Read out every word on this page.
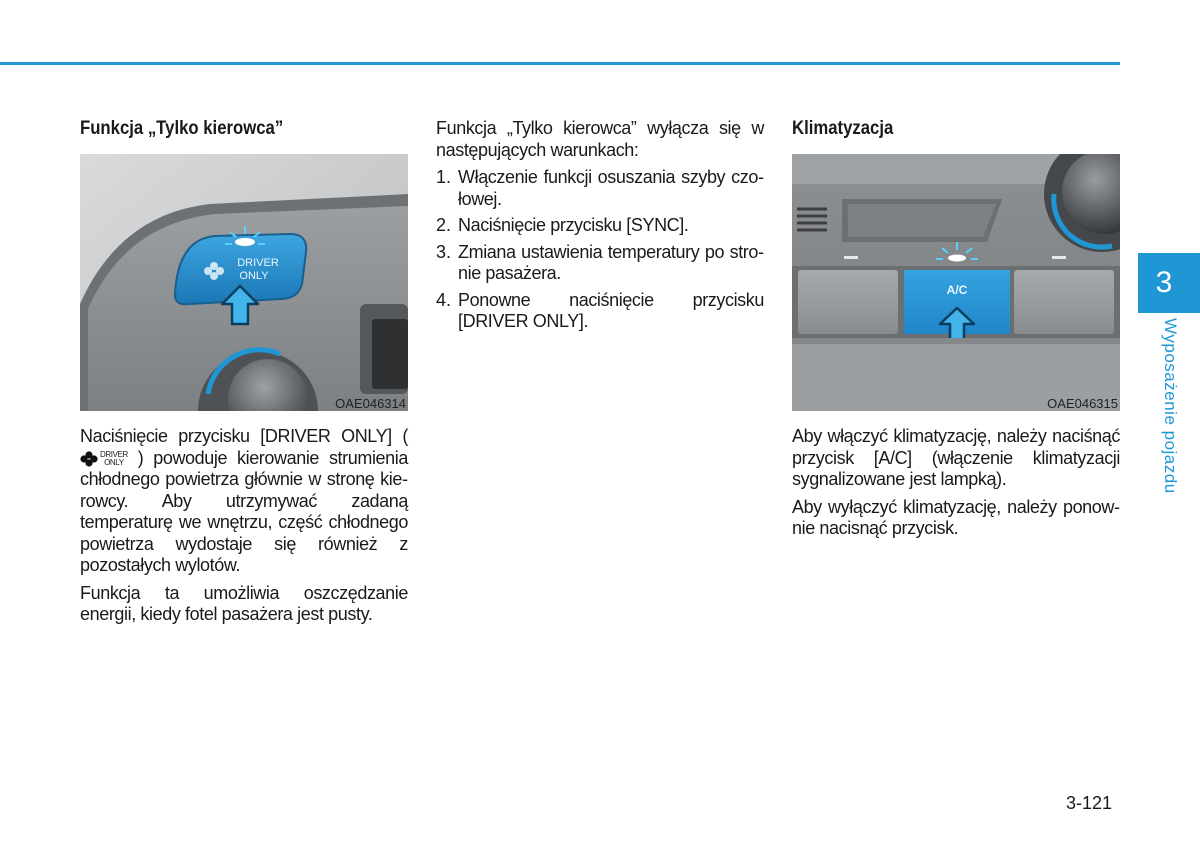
Funkcja „Tylko kierowca”
DRIVER
ONLY
OAE046314

Naciśnięcie przycisku [DRIVER ONLY] (
DRIVER
ONLY ) powoduje kierowanie strumienia chłodnego powietrza głównie w stronę kierowcy. Aby utrzymywać zadaną temperaturę we wnętrzu, część chłodnego powietrza wydostaje się również z pozostałych wylotów.

Funkcja ta umożliwia oszczędzanie energii, kiedy fotel pasażera jest pusty.

Funkcja „Tylko kierowca” wyłącza się w następujących warunkach:

1. Włączenie funkcji osuszania szyby czołowej.
2. Naciśnięcie przycisku [SYNC].
3. Zmiana ustawienia temperatury po stronie pasażera.
4. Ponowne naciśnięcie przycisku [DRIVER ONLY].
Klimatyzacja
A/C
OAE046315

Aby włączyć klimatyzację, należy naciśnąć przycisk [A/C] (włączenie klimatyzacji sygnalizowane jest lampką).

Aby wyłączyć klimatyzację, należy ponownie nacisnąć przycisk.

3
Wyposażenie pojazdu
3-121
